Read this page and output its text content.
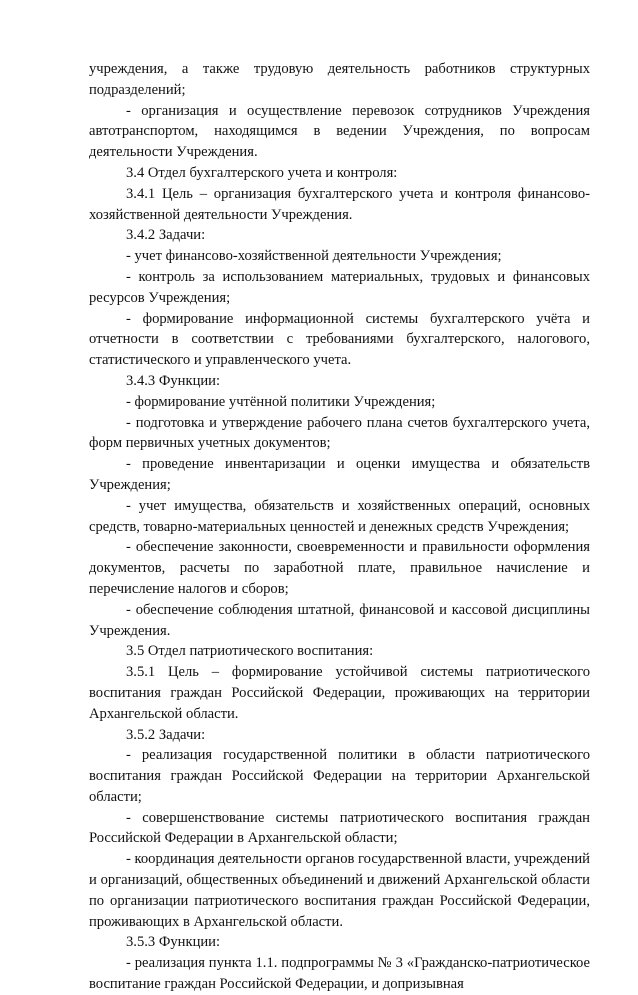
учреждения, а также трудовую деятельность работников структурных подразделений;

- организация и осуществление перевозок сотрудников Учреждения автотранспортом, находящимся в ведении Учреждения, по вопросам деятельности Учреждения.

3.4 Отдел бухгалтерского учета и контроля:

3.4.1 Цель – организация бухгалтерского учета и контроля финансово-хозяйственной деятельности Учреждения.

3.4.2 Задачи:

- учет финансово-хозяйственной деятельности Учреждения;

- контроль за использованием материальных, трудовых и финансовых ресурсов Учреждения;

- формирование информационной системы бухгалтерского учёта и отчетности в соответствии с требованиями бухгалтерского, налогового, статистического и управленческого учета.

3.4.3 Функции:

- формирование учтённой политики Учреждения;

- подготовка и утверждение рабочего плана счетов бухгалтерского учета, форм первичных учетных документов;

- проведение инвентаризации и оценки имущества и обязательств Учреждения;

- учет имущества, обязательств и хозяйственных операций, основных средств, товарно-материальных ценностей и денежных средств Учреждения;

- обеспечение законности, своевременности и правильности оформления документов, расчеты по заработной плате, правильное начисление и перечисление налогов и сборов;

- обеспечение соблюдения штатной, финансовой и кассовой дисциплины Учреждения.

3.5 Отдел патриотического воспитания:

3.5.1 Цель – формирование устойчивой системы патриотического воспитания граждан Российской Федерации, проживающих на территории Архангельской области.

3.5.2 Задачи:

- реализация государственной политики в области патриотического воспитания граждан Российской Федерации на территории Архангельской области;

- совершенствование системы патриотического воспитания граждан Российской Федерации в Архангельской области;

- координация деятельности органов государственной власти, учреждений и организаций, общественных объединений и движений Архангельской области по организации патриотического воспитания граждан Российской Федерации, проживающих в Архангельской области.

3.5.3 Функции:

- реализация пункта 1.1. подпрограммы № 3 «Гражданско-патриотическое воспитание граждан Российской Федерации, и допризывная
